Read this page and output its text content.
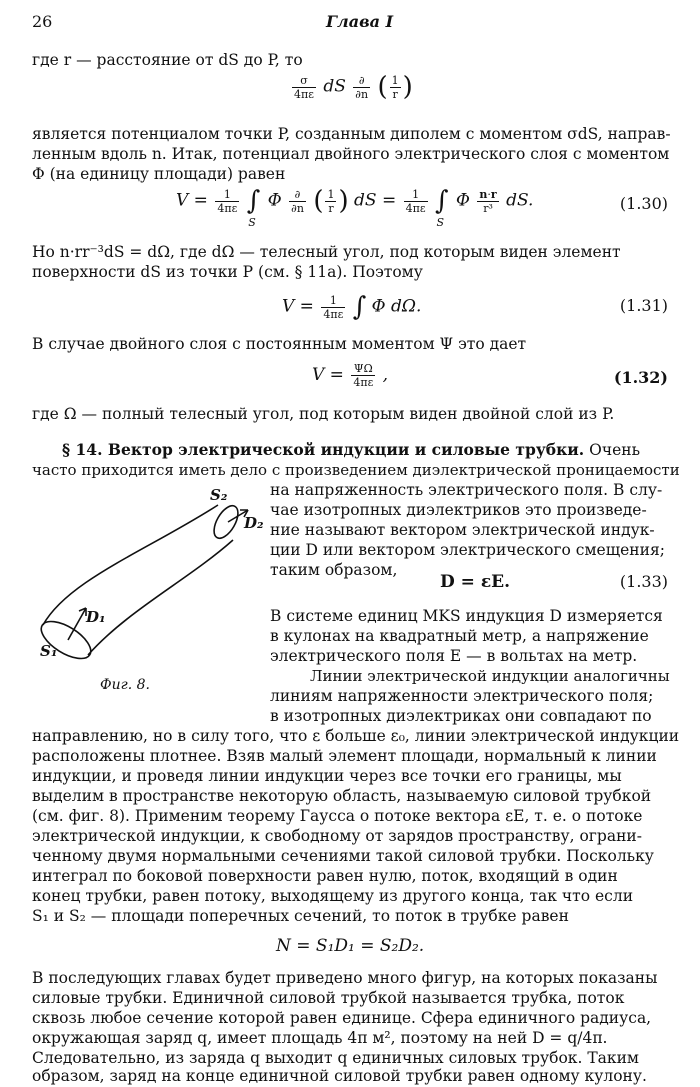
26	Глава I
где r — расстояние от dS до P, то
$\frac{\sigma}{4\pi\varepsilon}$ dS $\frac{\partial}{\partial n}$ ( $\frac{1}{r}$ )
является потенциалом точки P, созданным диполем с моментом σdS, направ-
ленным вдоль n. Итак, потенциал двойного электрического слоя с моментом
Φ (на единицу площади) равен
$V = \frac{1}{4\pi\varepsilon} \int_S\Phi \frac{\partial}{\partial n}$ ( $\frac{1}{r}$ ) dS = $\frac{1}{4\pi\varepsilon} \int_S\Phi \frac{n\cdot r}{\text{r³}}$ dS.	(1.30)
Но n·rr⁻³dS = dΩ, где dΩ — телесный угол, под которым виден элемент
поверхности dS из точки P (см. § 11а). Поэтому
$V = \frac{1}{4\pi\varepsilon}$ ∫ Φ dΩ.	(1.31)
В случае двойного слоя с постоянным моментом Ψ это дает
$V = \frac{\Psi\Omega}{4\pi\varepsilon}$ ,	(1.32)
где Ω — полный телесный угол, под которым виден двойной слой из P.
§ 14. Вектор электрической индукции и силовые трубки. Очень
часто приходится иметь дело с произведением диэлектрической проницаемости
на напряженность электрического поля. В слу-
чае изотропных диэлектриков это произведе-
ние называют вектором электрической индук-
ции D или вектором электрического смещения;
таким образом,
D = εE.	(1.33)
В системе единиц MKS индукция D измеряется
в кулонах на квадратный метр, а напряжение
электрического поля E — в вольтах на метр.
Линии электрической индукции аналогичны
линиям напряженности электрического поля;
в изотропных диэлектриках они совпадают по
S₂
D₂
D₁
S₁
Фиг. 8.
направлению, но в силу того, что ε больше ε₀, линии электрической индукции
расположены плотнее. Взяв малый элемент площади, нормальный к линии
индукции, и проведя линии индукции через все точки его границы, мы
выделим в пространстве некоторую область, называемую силовой трубкой
(см. фиг. 8). Применим теорему Гаусса о потоке вектора εE, т. е. о потоке
электрической индукции, к свободному от зарядов пространству, ограни-
ченному двумя нормальными сечениями такой силовой трубки. Поскольку
интеграл по боковой поверхности равен нулю, поток, входящий в один
конец трубки, равен потоку, выходящему из другого конца, так что если
S₁ и S₂ — площади поперечных сечений, то поток в трубке равен
N = S₁D₁ = S₂D₂.
В последующих главах будет приведено много фигур, на которых показаны
силовые трубки. Единичной силовой трубкой называется трубка, поток
сквозь любое сечение которой равен единице. Сфера единичного радиуса,
окружающая заряд q, имеет площадь 4π м², поэтому на ней D = q/4π.
Следовательно, из заряда q выходит q единичных силовых трубок. Таким
образом, заряд на конце единичной силовой трубки равен одному кулону.
